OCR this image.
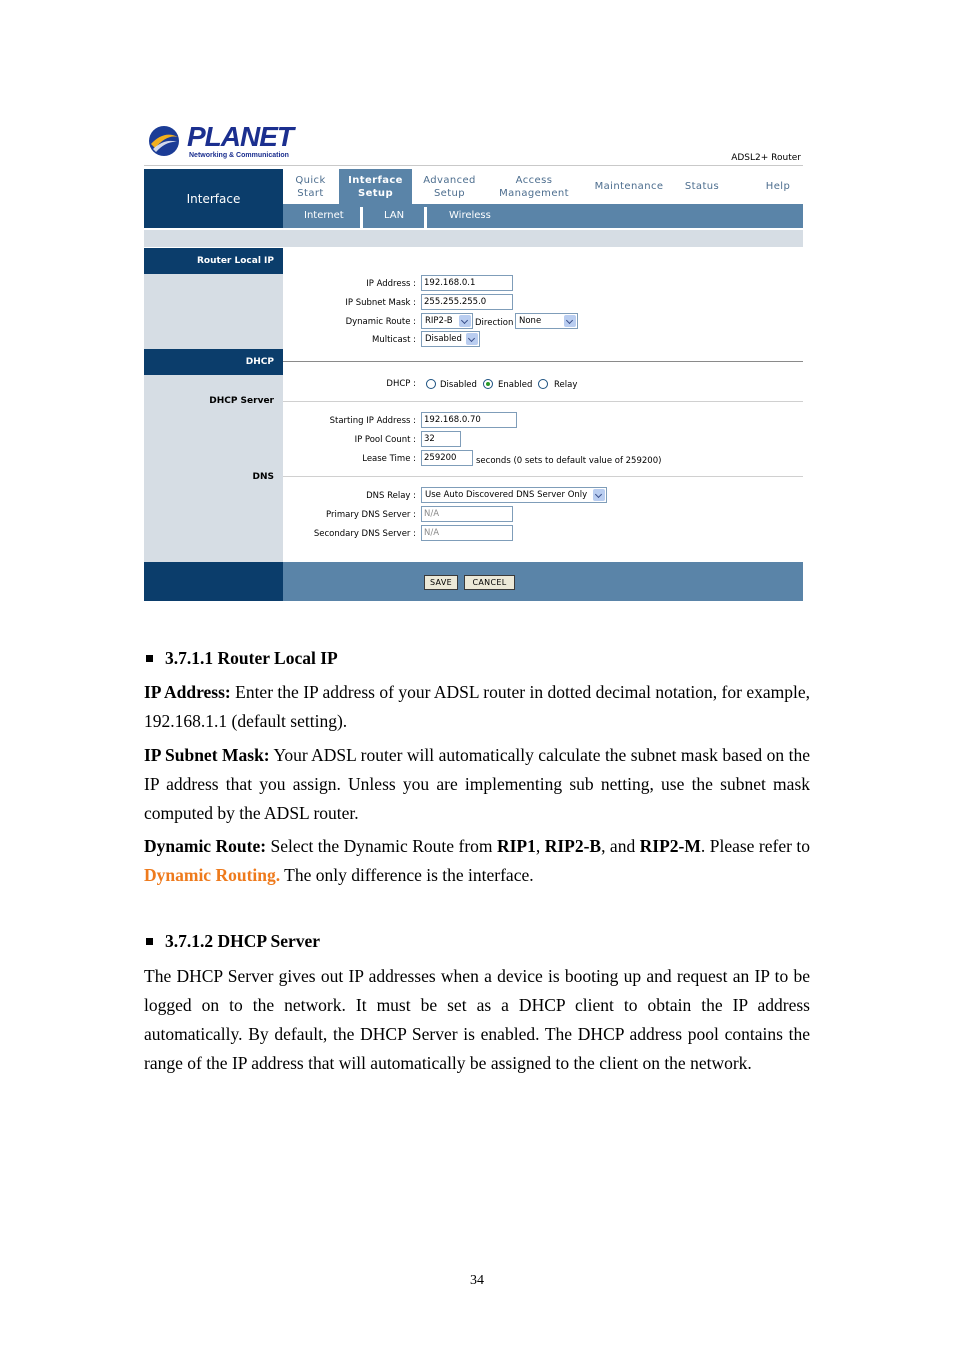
PLANET
Networking & Communication	ADSL2+ Router
Interface
Quick
Start
Interface
Setup
Advanced
Setup
Access
Management
Maintenance Status	Help
Internet	LAN	Wireless
Router Local IP
DHCP
DHCP Server
DNS
IP Address : 192.168.0.1
IP Subnet Mask : 255.255.255.0
Dynamic Route :	RIP2-B	Direction None
Multicast :	Disabled
DHCP :	Disabled Enabled	Relay
Starting IP Address : 192.168.0.70
IP Pool Count : 32
Lease Time : 259200	seconds (0 sets to default value of 259200)
DNS Relay :	Use Auto Discovered DNS Server Only
Primary DNS Server : N/A
Secondary DNS Server : N/A
SAVE	CANCEL
3.7.1.1 Router Local IP
IP Address: Enter the IP address of your ADSL router in dotted decimal notation, for example, 192.168.1.1 (default setting).
IP Subnet Mask: Your ADSL router will automatically calculate the subnet mask based on the IP address that you assign. Unless you are implementing sub netting, use the subnet mask computed by the ADSL router.
Dynamic Route: Select the Dynamic Route from RIP1, RIP2-B, and RIP2-M. Please refer to Dynamic Routing. The only difference is the interface.
3.7.1.2 DHCP Server
The DHCP Server gives out IP addresses when a device is booting up and request an IP to be logged on to the network. It must be set as a DHCP client to obtain the IP address automatically. By default, the DHCP Server is enabled. The DHCP address pool contains the range of the IP address that will automatically be assigned to the client on the network.
34
